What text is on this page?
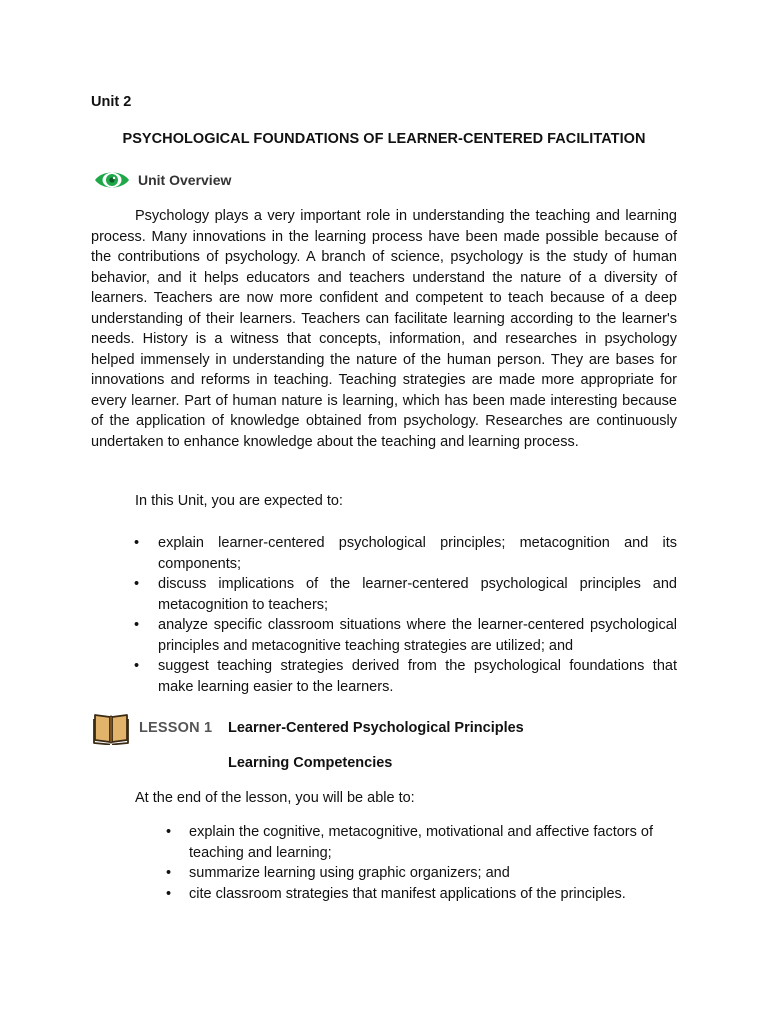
Unit 2
PSYCHOLOGICAL FOUNDATIONS OF LEARNER-CENTERED FACILITATION
Unit Overview

Psychology plays a very important role in understanding the teaching and learning process. Many innovations in the learning process have been made possible because of the contributions of psychology. A branch of science, psychology is the study of human behavior, and it helps educators and teachers understand the nature of a diversity of learners. Teachers are now more confident and competent to teach because of a deep understanding of their learners. Teachers can facilitate learning according to the learner's needs. History is a witness that concepts, information, and researches in psychology helped immensely in understanding the nature of the human person. They are bases for innovations and reforms in teaching. Teaching strategies are made more appropriate for every learner. Part of human nature is learning, which has been made interesting because of the application of knowledge obtained from psychology. Researches are continuously undertaken to enhance knowledge about the teaching and learning process.

In this Unit, you are expected to:
• explain learner-centered psychological principles; metacognition and its components;
• discuss implications of the learner-centered psychological principles and metacognition to teachers;
• analyze specific classroom situations where the learner-centered psychological principles and metacognitive teaching strategies are utilized; and
• suggest teaching strategies derived from the psychological foundations that make learning easier to the learners.
LESSON 1 Learner-Centered Psychological Principles
Learning Competencies
At the end of the lesson, you will be able to:
• explain the cognitive, metacognitive, motivational and affective factors of teaching and learning;
• summarize learning using graphic organizers; and
• cite classroom strategies that manifest applications of the principles.
